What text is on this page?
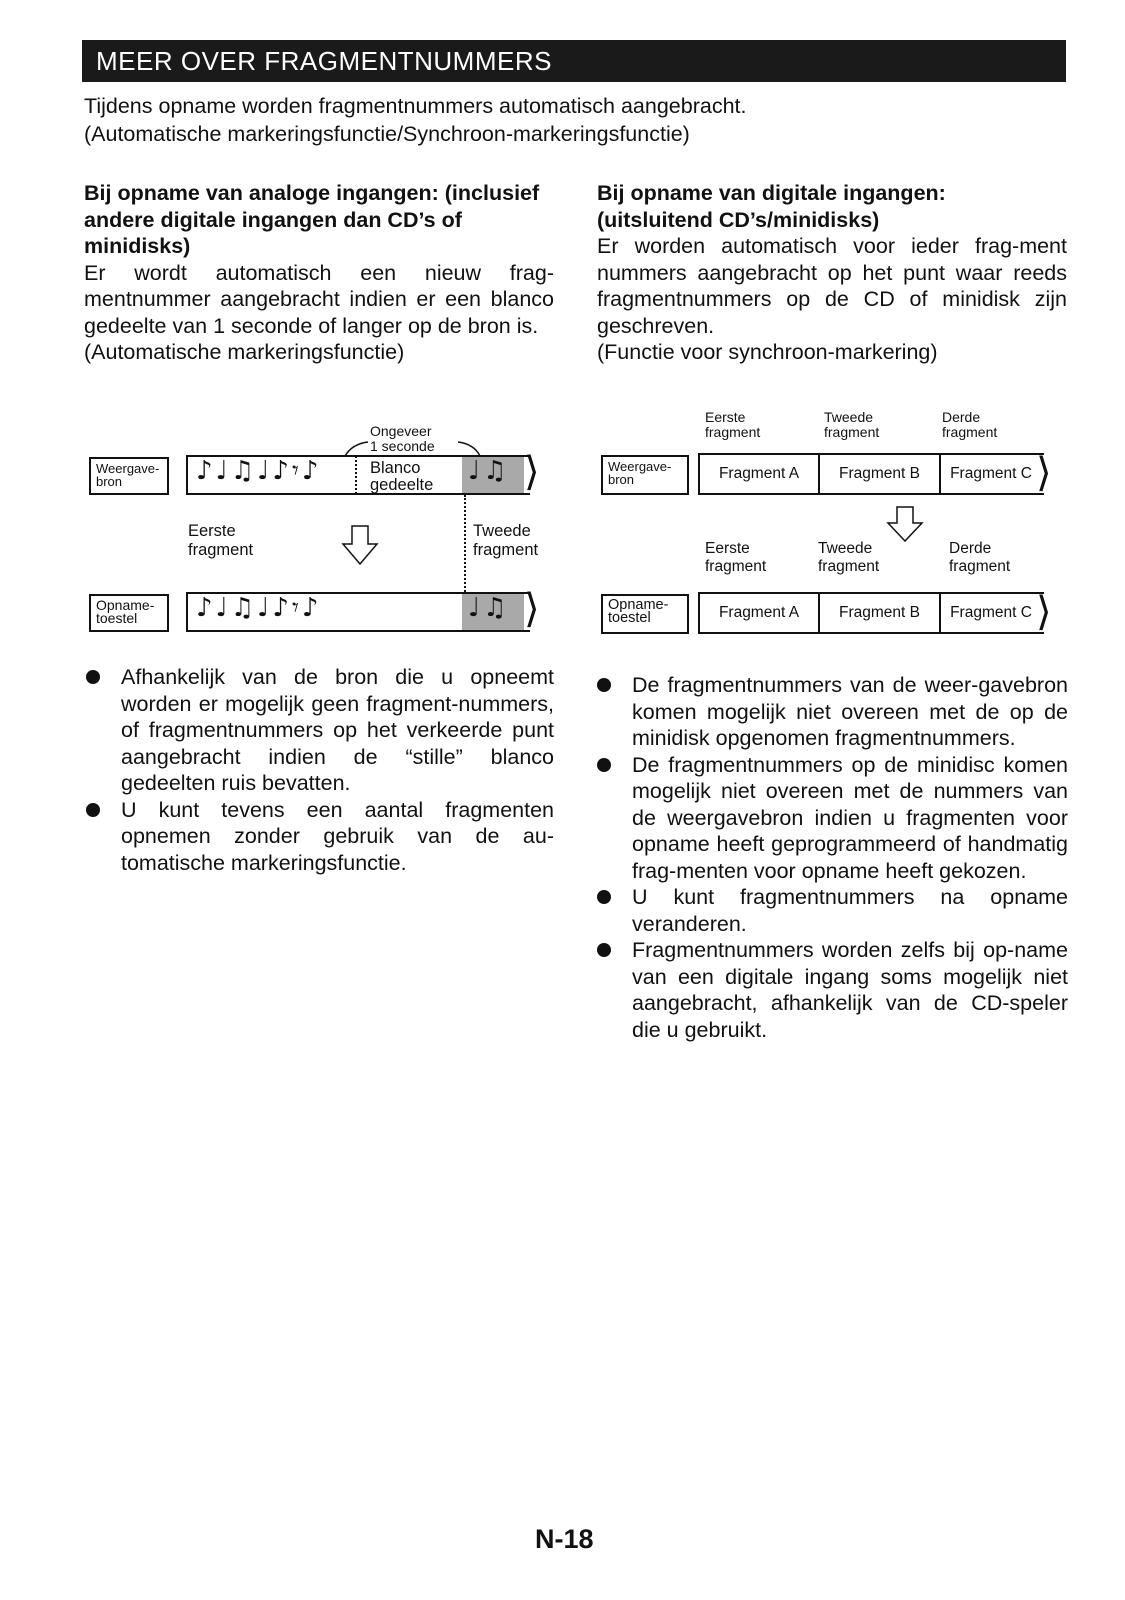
MEER OVER FRAGMENTNUMMERS
Tijdens opname worden fragmentnummers automatisch aangebracht.
(Automatische markeringsfunctie/Synchroon-markeringsfunctie)
Bij opname van analoge ingangen: (inclusief andere digitale ingangen dan CD’s of minidisks)

Er wordt automatisch een nieuw frag-mentnummer aangebracht indien er een blanco gedeelte van 1 seconde of langer op de bron is.

(Automatische markeringsfunctie)

Bij opname van digitale ingangen: (uitsluitend CD’s/minidisks)

Er worden automatisch voor ieder frag-ment nummers aangebracht op het punt waar reeds fragmentnummers op de CD of minidisk zijn geschreven.

(Functie voor synchroon-markering)

Ongeveer
1 seconde
Weergave-bron	♪♩♫♩♪𝄾♪	Blanco
gedeelte ♩♫ ⟩
Eerste fragment
Tweede fragment
Opname-toestel	♪♩♫♩♪𝄾♪	♩♫ ⟩
Eerste fragment
Tweede fragment
Derde fragment
Weergave-bron	Fragment A	Fragment B	Fragment C ⟩
Eerste fragment
Tweede fragment
Derde fragment
Opname-toestel	Fragment A	Fragment B	Fragment C ⟩
Afhankelijk van de bron die u opneemt worden er mogelijk geen fragment-nummers, of fragmentnummers op het verkeerde punt aangebracht indien de “stille” blanco gedeelten ruis bevatten.
U kunt tevens een aantal fragmenten opnemen zonder gebruik van de au-tomatische markeringsfunctie.
De fragmentnummers van de weer-gavebron komen mogelijk niet overeen met de op de minidisk opgenomen fragmentnummers.
De fragmentnummers op de minidisc komen mogelijk niet overeen met de nummers van de weergavebron indien u fragmenten voor opname heeft geprogrammeerd of handmatig frag-menten voor opname heeft gekozen.
U kunt fragmentnummers na opname veranderen.
Fragmentnummers worden zelfs bij op-name van een digitale ingang soms mogelijk niet aangebracht, afhankelijk van de CD-speler die u gebruikt.
N-18
